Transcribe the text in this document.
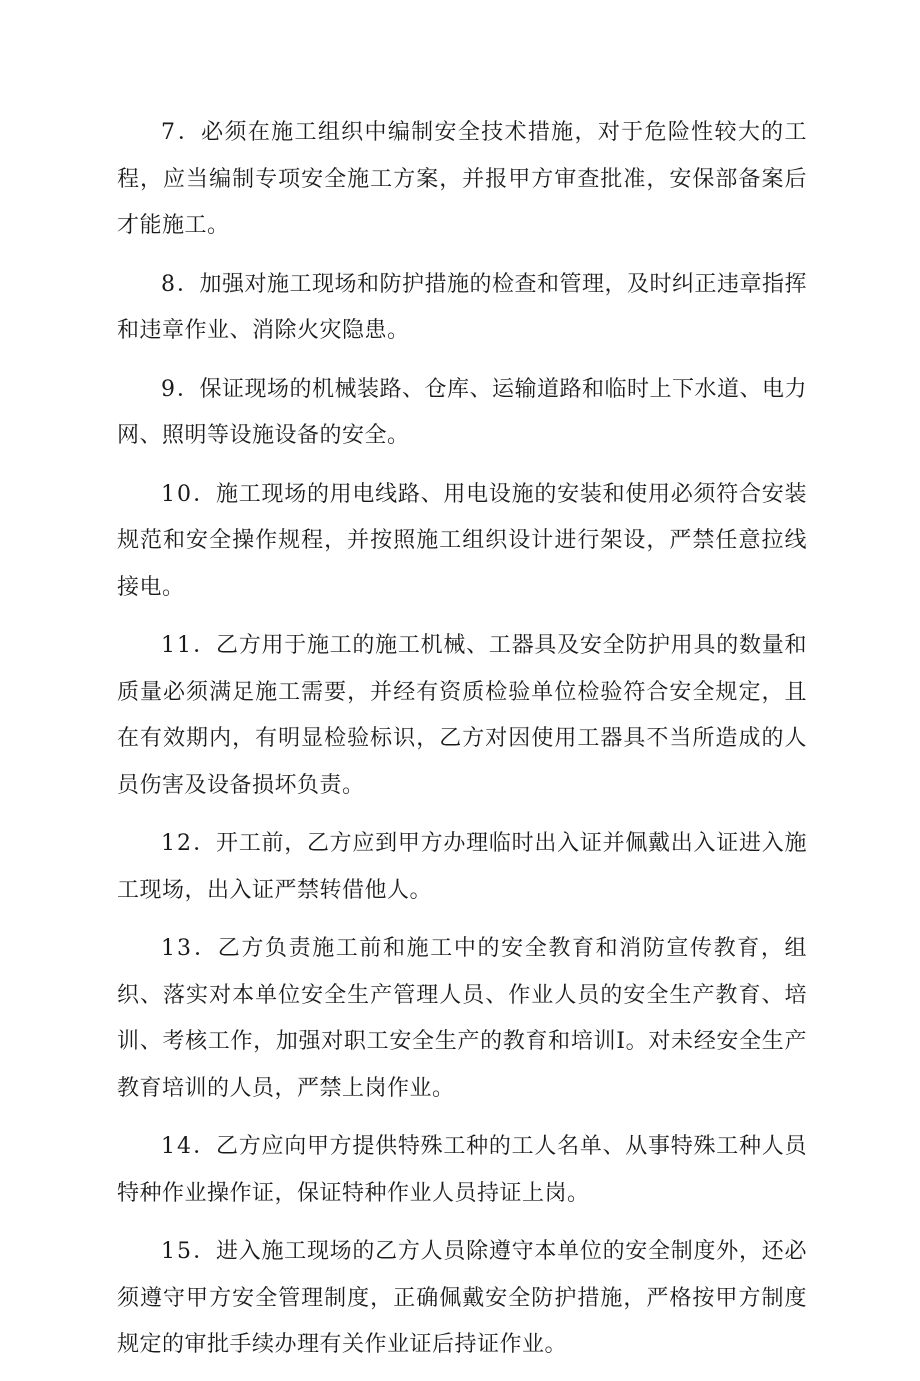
7．必须在施工组织中编制安全技术措施，对于危险性较大的工程，应当编制专项安全施工方案，并报甲方审查批准，安保部备案后才能施工。

8．加强对施工现场和防护措施的检查和管理，及时纠正违章指挥和违章作业、消除火灾隐患。

9．保证现场的机械装路、仓库、运输道路和临时上下水道、电力网、照明等设施设备的安全。

10．施工现场的用电线路、用电设施的安装和使用必须符合安装规范和安全操作规程，并按照施工组织设计进行架设，严禁任意拉线接电。

11．乙方用于施工的施工机械、工器具及安全防护用具的数量和质量必须满足施工需要，并经有资质检验单位检验符合安全规定，且在有效期内，有明显检验标识，乙方对因使用工器具不当所造成的人员伤害及设备损坏负责。

12．开工前，乙方应到甲方办理临时出入证并佩戴出入证进入施工现场，出入证严禁转借他人。

13．乙方负责施工前和施工中的安全教育和消防宣传教育，组织、落实对本单位安全生产管理人员、作业人员的安全生产教育、培训、考核工作，加强对职工安全生产的教育和培训I。对未经安全生产教育培训的人员，严禁上岗作业。

14．乙方应向甲方提供特殊工种的工人名单、从事特殊工种人员特种作业操作证，保证特种作业人员持证上岗。

15．进入施工现场的乙方人员除遵守本单位的安全制度外，还必须遵守甲方安全管理制度，正确佩戴安全防护措施，严格按甲方制度规定的审批手续办理有关作业证后持证作业。
